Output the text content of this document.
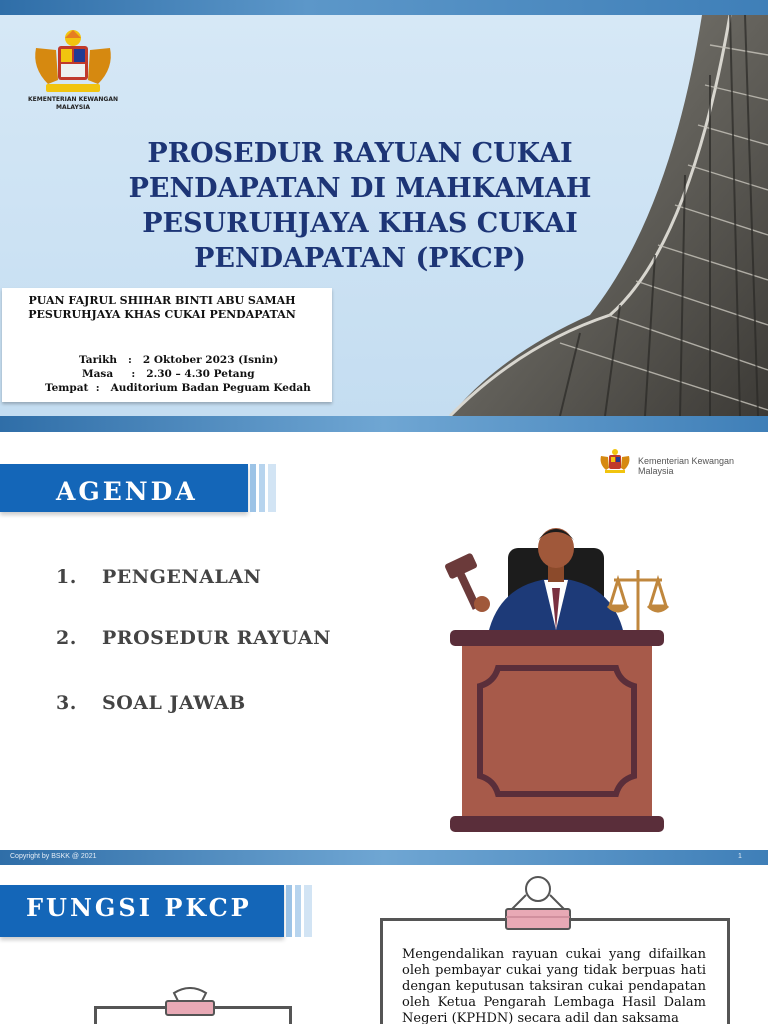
KEMENTERIAN KEWANGAN
MALAYSIA
PROSEDUR RAYUAN CUKAI
PENDAPATAN DI MAHKAMAH
PESURUHJAYA KHAS CUKAI
PENDAPATAN (PKCP)
PUAN FAJRUL SHIHAR BINTI ABU SAMAH
PESURUHJAYA KHAS CUKAI PENDAPATAN
Tarikh   :   2 Oktober 2023 (Isnin)
Masa     :   2.30 – 4.30 Petang
Tempat  :   Auditorium Badan Peguam Kedah
AGENDA
Kementerian Kewangan Malaysia
1. PENGENALAN
2. PROSEDUR RAYUAN
3. SOAL JAWAB
Copyright by BSKK @ 2021	1
FUNGSI PKCP
Mengendalikan rayuan cukai yang difailkan oleh pembayar cukai yang tidak berpuas hati dengan keputusan taksiran cukai pendapatan oleh Ketua Pengarah Lembaga Hasil Dalam Negeri (KPHDN) secara adil dan saksama
